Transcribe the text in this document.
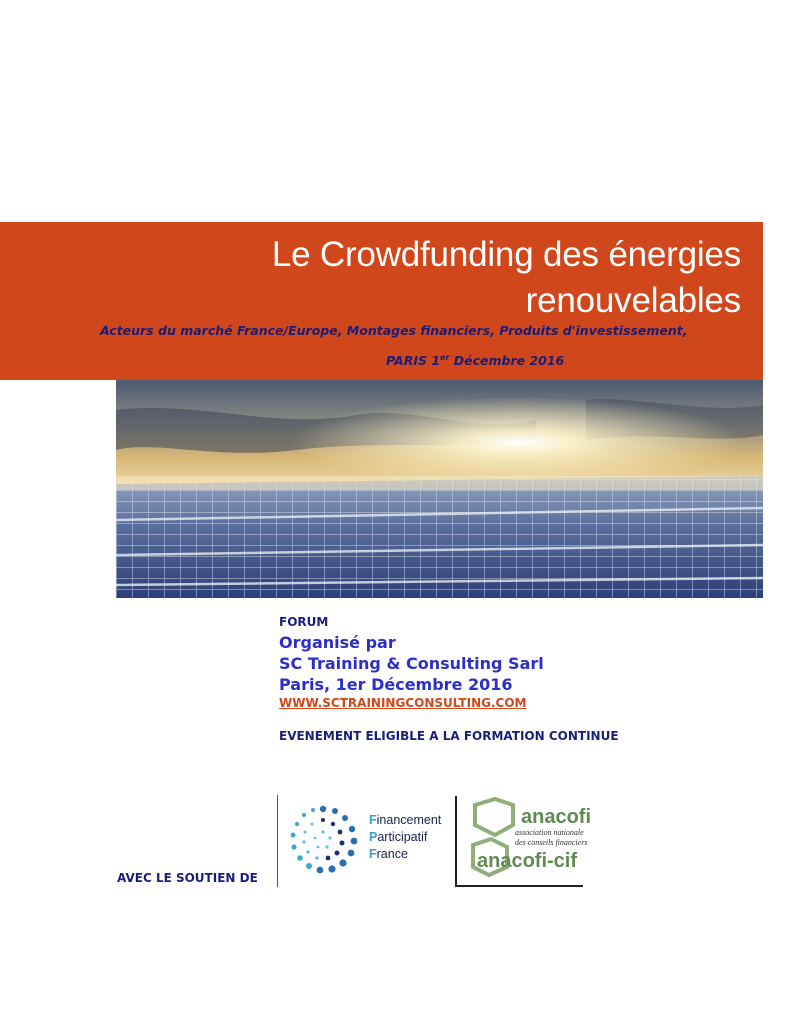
Le Crowdfunding des énergies
renouvelables
Acteurs du marché France/Europe, Montages financiers, Produits d'investissement,
PARIS 1er Décembre 2016
FORUM
Organisé par
SC Training & Consulting Sarl
Paris, 1er Décembre 2016
WWW.SCTRAININGCONSULTING.COM
EVENEMENT ELIGIBLE A LA FORMATION CONTINUE
AVEC LE SOUTIEN DE
Financement
Participatif
France
anacofi
association nationale
des conseils financiers
anacofi-cif
